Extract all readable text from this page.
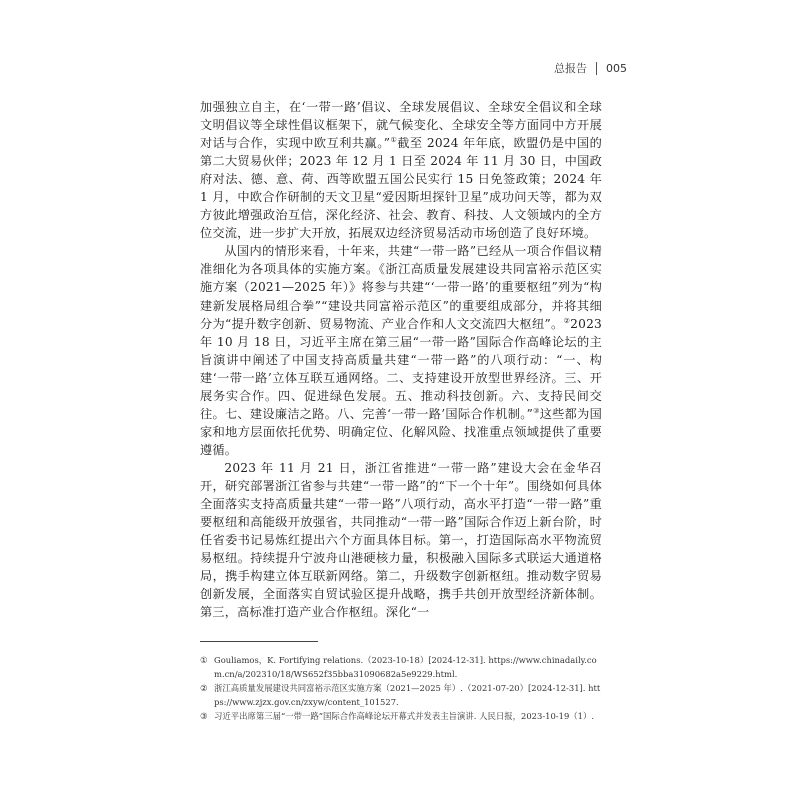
总报告 005

加强独立自主，在‘一带一路’倡议、全球发展倡议、全球安全倡议和全球文明倡议等全球性倡议框架下，就气候变化、全球安全等方面同中方开展对话与合作，实现中欧互利共赢。”①截至 2024 年年底，欧盟仍是中国的第二大贸易伙伴；2023 年 12 月 1 日至 2024 年 11 月 30 日，中国政府对法、德、意、荷、西等欧盟五国公民实行 15 日免签政策；2024 年 1 月，中欧合作研制的天文卫星“爱因斯坦探针卫星”成功问天等，都为双方彼此增强政治互信，深化经济、社会、教育、科技、人文领域内的全方位交流，进一步扩大开放，拓展双边经济贸易活动市场创造了良好环境。

从国内的情形来看，十年来，共建“一带一路”已经从一项合作倡议精准细化为各项具体的实施方案。《浙江高质量发展建设共同富裕示范区实施方案（2021—2025 年）》将参与共建“‘一带一路’的重要枢纽”列为“构建新发展格局组合拳”“建设共同富裕示范区”的重要组成部分，并将其细分为“提升数字创新、贸易物流、产业合作和人文交流四大枢纽”。②2023 年 10 月 18 日，习近平主席在第三届“一带一路”国际合作高峰论坛的主旨演讲中阐述了中国支持高质量共建“一带一路”的八项行动：“一、构建‘一带一路’立体互联互通网络。二、支持建设开放型世界经济。三、开展务实合作。四、促进绿色发展。五、推动科技创新。六、支持民间交往。七、建设廉洁之路。八、完善‘一带一路’国际合作机制。”③这些都为国家和地方层面依托优势、明确定位、化解风险、找准重点领域提供了重要遵循。

2023 年 11 月 21 日，浙江省推进“一带一路”建设大会在金华召开，研究部署浙江省参与共建“一带一路”的“下一个十年”。围绕如何具体全面落实支持高质量共建“一带一路”八项行动，高水平打造“一带一路”重要枢纽和高能级开放强省，共同推动“一带一路”国际合作迈上新台阶，时任省委书记易炼红提出六个方面具体目标。第一，打造国际高水平物流贸易枢纽。持续提升宁波舟山港硬核力量，积极融入国际多式联运大通道格局，携手构建立体互联新网络。第二，升级数字创新枢纽。推动数字贸易创新发展，全面落实自贸试验区提升战略，携手共创开放型经济新体制。第三，高标准打造产业合作枢纽。深化“一

① Gouliamos，K. Fortifying relations.（2023-10-18）[2024-12-31]. https://www.chinadaily.com.cn/a/202310/18/WS652f35bba31090682a5e9229.html.
② 浙江高质量发展建设共同富裕示范区实施方案（2021—2025 年）.（2021-07-20）[2024-12-31]. https://www.zjzx.gov.cn/zxyw/content_101527.
③ 习近平出席第三届“一带一路”国际合作高峰论坛开幕式并发表主旨演讲. 人民日报，2023-10-19（1）.
